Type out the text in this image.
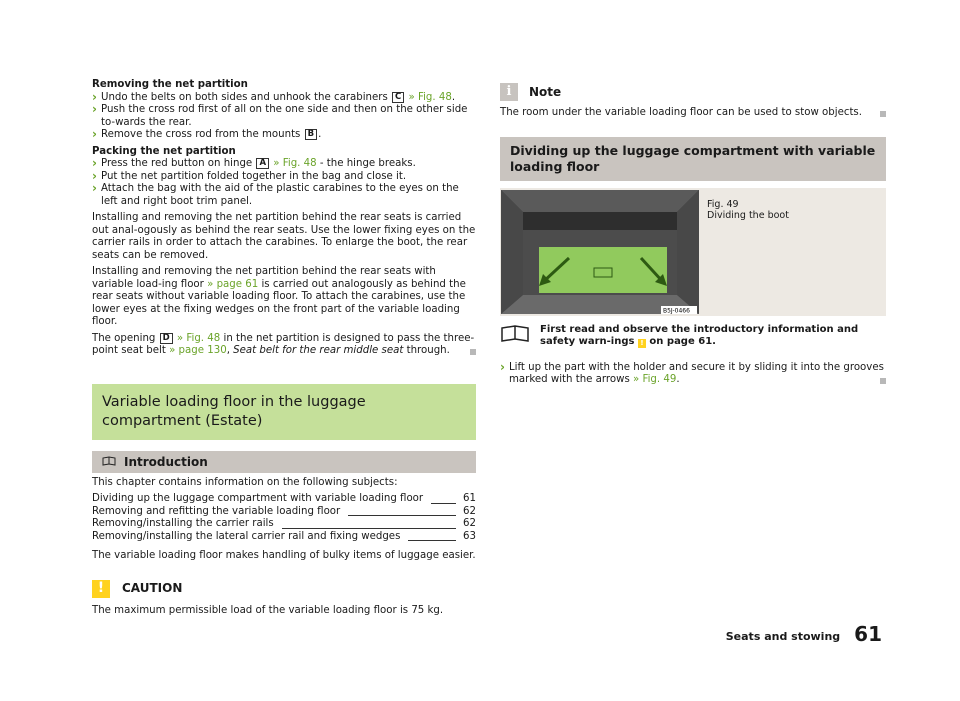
Removing the net partition
› Undo the belts on both sides and unhook the carabiners C » Fig. 48.
› Push the cross rod first of all on the one side and then on the other side to-wards the rear.
› Remove the cross rod from the mounts B .
Packing the net partition
› Press the red button on hinge A » Fig. 48 - the hinge breaks.
› Put the net partition folded together in the bag and close it.
› Attach the bag with the aid of the plastic carabines to the eyes on the left and right boot trim panel.

Installing and removing the net partition behind the rear seats is carried out anal-ogously as behind the rear seats. Use the lower fixing eyes on the carrier rails in order to attach the carabines. To enlarge the boot, the rear seats can be removed.

Installing and removing the net partition behind the rear seats with variable load-ing floor » page 61 is carried out analogously as behind the rear seats without variable loading floor. To attach the carabines, use the lower eyes at the fixing wedges on the front part of the variable loading floor.

The opening D » Fig. 48 in the net partition is designed to pass the three-point seat belt » page 130, Seat belt for the rear middle seat through.

Variable loading floor in the luggage compartment (Estate)
Introduction

This chapter contains information on the following subjects:

Dividing up the luggage compartment with variable loading floor	61
Removing and refitting the variable loading floor	62
Removing/installing the carrier rails	62
Removing/installing the lateral carrier rail and fixing wedges	63

The variable loading floor makes handling of bulky items of luggage easier.

!	CAUTION

The maximum permissible load of the variable loading floor is 75 kg.

i	Note

The room under the variable loading floor can be used to stow objects.

Dividing up the luggage compartment with variable loading floor
B5J-0466
Fig. 49
Dividing the boot
First read and observe the introductory information and safety warn-ings ! on page 61.
› Lift up the part with the holder and secure it by sliding it into the grooves marked with the arrows » Fig. 49.
Seats and stowing 61
